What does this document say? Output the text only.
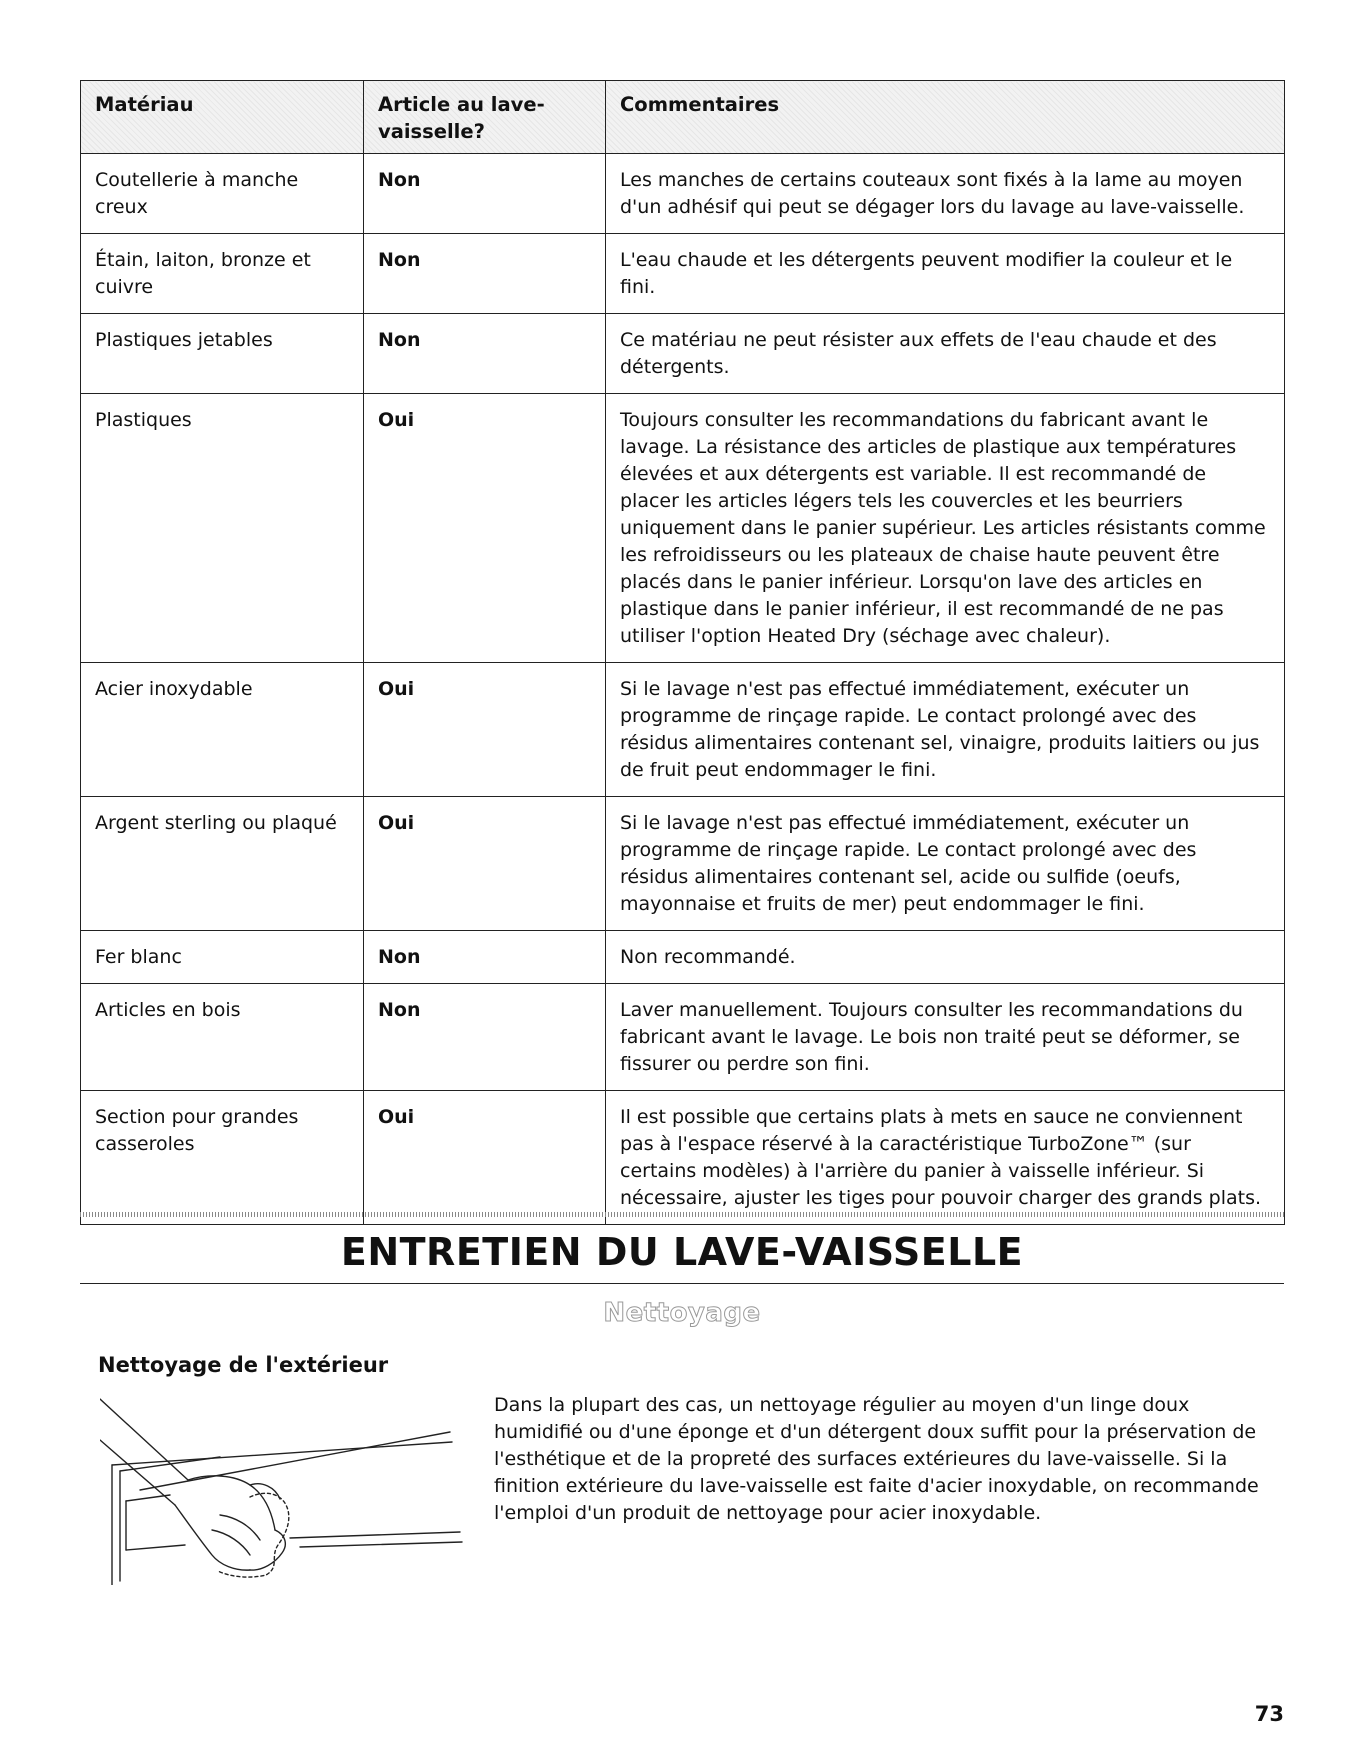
Matériau	Article au lave-vaisselle?	Commentaires
Coutellerie à manche creux	Non	Les manches de certains couteaux sont fixés à la lame au moyen d'un adhésif qui peut se dégager lors du lavage au lave-vaisselle.
Étain, laiton, bronze et cuivre	Non	L'eau chaude et les détergents peuvent modifier la couleur et le fini.
Plastiques jetables	Non	Ce matériau ne peut résister aux effets de l'eau chaude et des détergents.
Plastiques	Oui	Toujours consulter les recommandations du fabricant avant le lavage. La résistance des articles de plastique aux températures élevées et aux détergents est variable. Il est recommandé de placer les articles légers tels les couvercles et les beurriers uniquement dans le panier supérieur. Les articles résistants comme les refroidisseurs ou les plateaux de chaise haute peuvent être placés dans le panier inférieur. Lorsqu'on lave des articles en plastique dans le panier inférieur, il est recommandé de ne pas utiliser l'option Heated Dry (séchage avec chaleur).
Acier inoxydable	Oui	Si le lavage n'est pas effectué immédiatement, exécuter un programme de rinçage rapide. Le contact prolongé avec des résidus alimentaires contenant sel, vinaigre, produits laitiers ou jus de fruit peut endommager le fini.
Argent sterling ou plaqué	Oui	Si le lavage n'est pas effectué immédiatement, exécuter un programme de rinçage rapide. Le contact prolongé avec des résidus alimentaires contenant sel, acide ou sulfide (oeufs, mayonnaise et fruits de mer) peut endommager le fini.
Fer blanc	Non	Non recommandé.
Articles en bois	Non	Laver manuellement. Toujours consulter les recommandations du fabricant avant le lavage. Le bois non traité peut se déformer, se fissurer ou perdre son fini.
Section pour grandes casseroles	Oui	Il est possible que certains plats à mets en sauce ne conviennent pas à l'espace réservé à la caractéristique TurboZone™ (sur certains modèles) à l'arrière du panier à vaisselle inférieur. Si nécessaire, ajuster les tiges pour pouvoir charger des grands plats.
ENTRETIEN DU LAVE-VAISSELLE
Nettoyage
Nettoyage de l'extérieur
Dans la plupart des cas, un nettoyage régulier au moyen d'un linge doux humidifié ou d'une éponge et d'un détergent doux suffit pour la préservation de l'esthétique et de la propreté des surfaces extérieures du lave-vaisselle. Si la finition extérieure du lave-vaisselle est faite d'acier inoxydable, on recommande l'emploi d'un produit de nettoyage pour acier inoxydable.
73
